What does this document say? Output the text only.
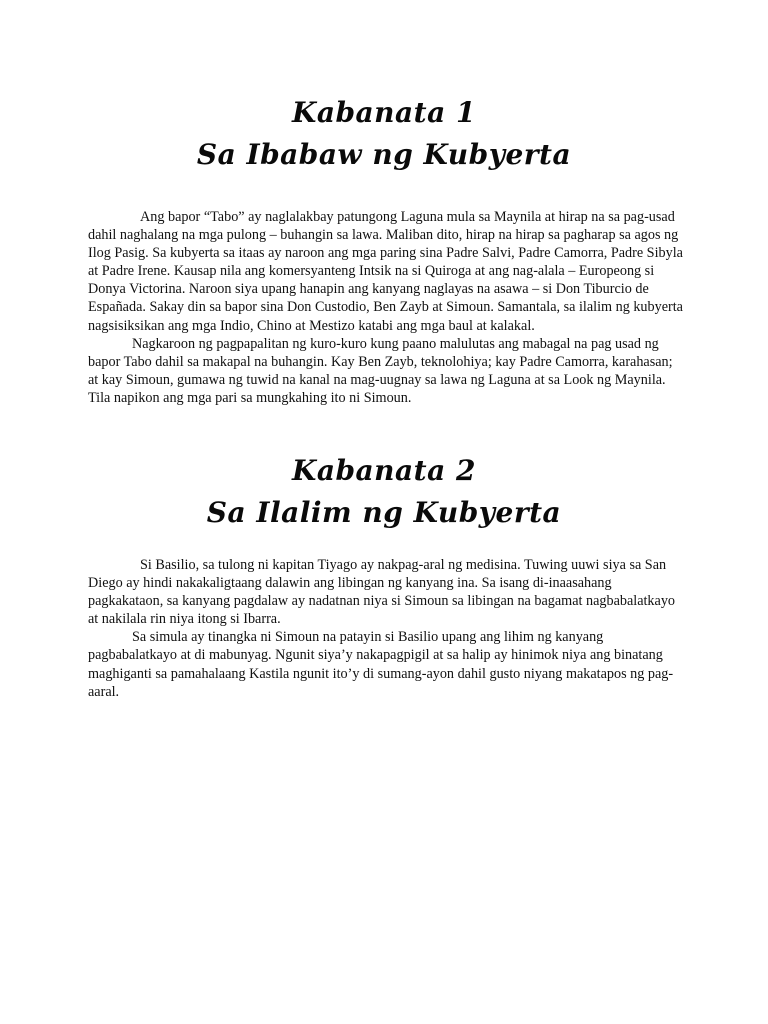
Kabanata 1
Sa Ibabaw ng Kubyerta

Ang bapor “Tabo” ay naglalakbay patungong Laguna mula sa Maynila at hirap na sa pag-usad dahil naghalang na mga pulong – buhangin sa lawa. Maliban dito, hirap na hirap sa pagharap sa agos ng Ilog Pasig. Sa kubyerta sa itaas ay naroon ang mga paring sina Padre Salvi, Padre Camorra, Padre Sibyla at Padre Irene. Kausap nila ang komersyanteng Intsik na si Quiroga at ang nag-alala – Europeong si Donya Victorina. Naroon siya upang hanapin ang kanyang naglayas na asawa – si Don Tiburcio de Españada. Sakay din sa bapor sina Don Custodio, Ben Zayb at Simoun. Samantala, sa ilalim ng kubyerta nagsisiksikan ang mga Indio, Chino at Mestizo katabi ang mga baul at kalakal.

Nagkaroon ng pagpapalitan ng kuro-kuro kung paano malulutas ang mabagal na pag usad ng bapor Tabo dahil sa makapal na buhangin. Kay Ben Zayb, teknolohiya; kay Padre Camorra, karahasan; at kay Simoun, gumawa ng tuwid na kanal na mag-uugnay sa lawa ng Laguna at sa Look ng Maynila. Tila napikon ang mga pari sa mungkahing ito ni Simoun.

Kabanata 2
Sa Ilalim ng Kubyerta

Si Basilio, sa tulong ni kapitan Tiyago ay nakpag-aral ng medisina. Tuwing uuwi siya sa San Diego ay hindi nakakaligtaang dalawin ang libingan ng kanyang ina. Sa isang di-inaasahang pagkakataon, sa kanyang pagdalaw ay nadatnan niya si Simoun sa libingan na bagamat nagbabalatkayo at nakilala rin niya itong si Ibarra.

Sa simula ay tinangka ni Simoun na patayin si Basilio upang ang lihim ng kanyang pagbabalatkayo at di mabunyag. Ngunit siya’y nakapagpigil at sa halip ay hinimok niya ang binatang maghiganti sa pamahalaang Kastila ngunit ito’y di sumang-ayon dahil gusto niyang makatapos ng pag-aaral.
